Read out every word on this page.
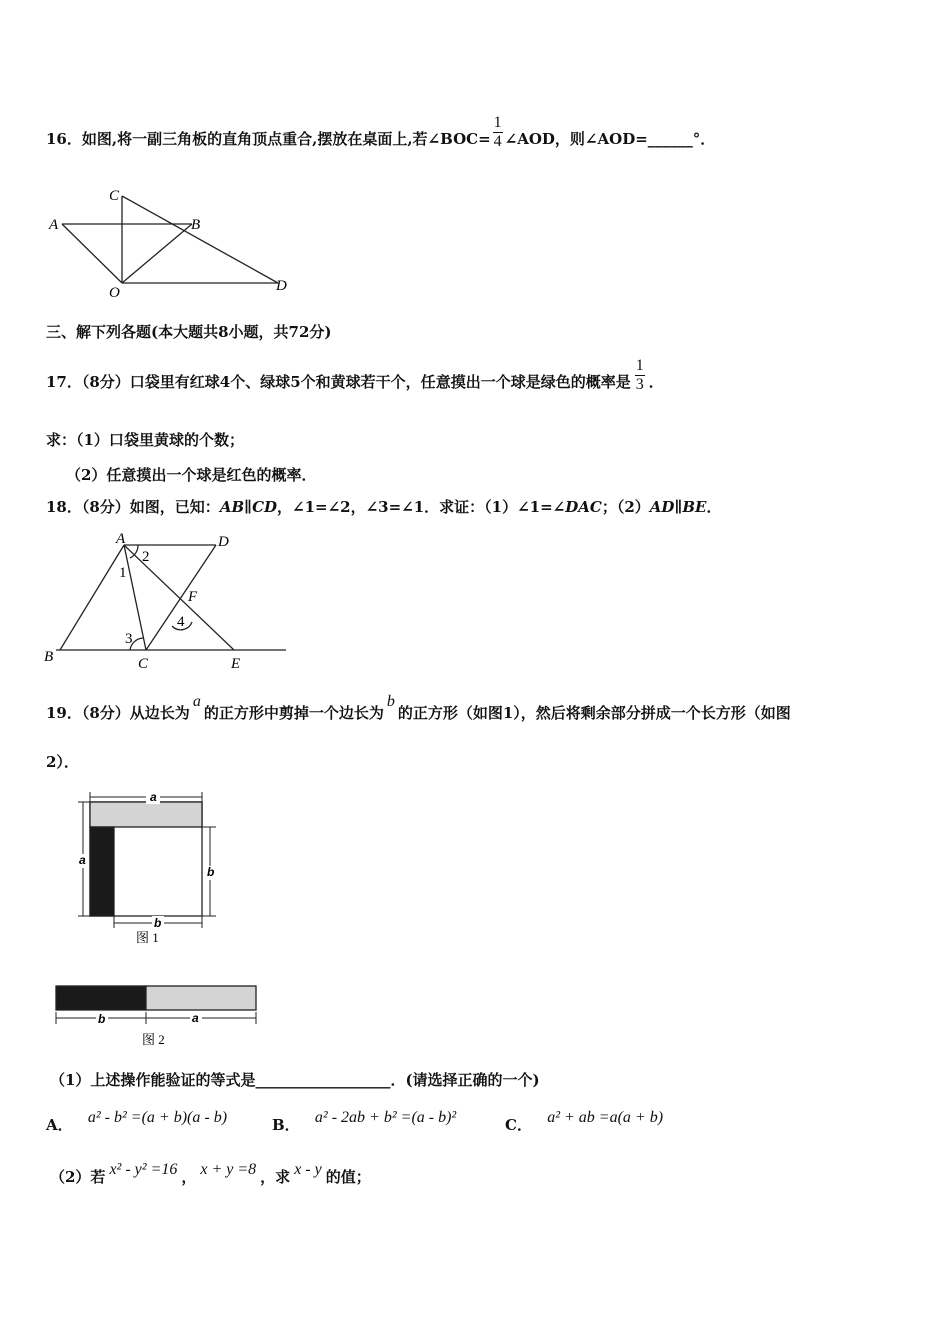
16．如图,将一副三角板的直角顶点重合,摆放在桌面上,若∠BOC= $\frac{1}{4}$ ∠AOD，则∠AOD=______°．
C
A	B
O	D
三、解下列各题(本大题共8小题，共72分)
17．（8分）口袋里有红球4个、绿球5个和黄球若干个，任意摸出一个球是绿色的概率是 $\frac{1}{3}$ ．
求：（1）口袋里黄球的个数；
（2）任意摸出一个球是红色的概率．
18．（8分）如图，已知：AB∥CD，∠1=∠2，∠3=∠1．求证：（1）∠1=∠DAC；（2）AD∥BE．
A	D
2
1
F
4
3
B	C	E
19．（8分）从边长为a的正方形中剪掉一个边长为b的正方形（如图1），然后将剩余部分拼成一个长方形（如图
2）．
a
a
b
b
图 1
b	a
图 2
（1）上述操作能验证的等式是__________________．(请选择正确的一个)
A． a² - b² =(a + b)(a - b)	B． a² - 2ab + b² =(a - b)²	C． a² + ab =a(a + b)
（2）若 x² - y² =16 ， x + y =8 ，求 x - y 的值；
